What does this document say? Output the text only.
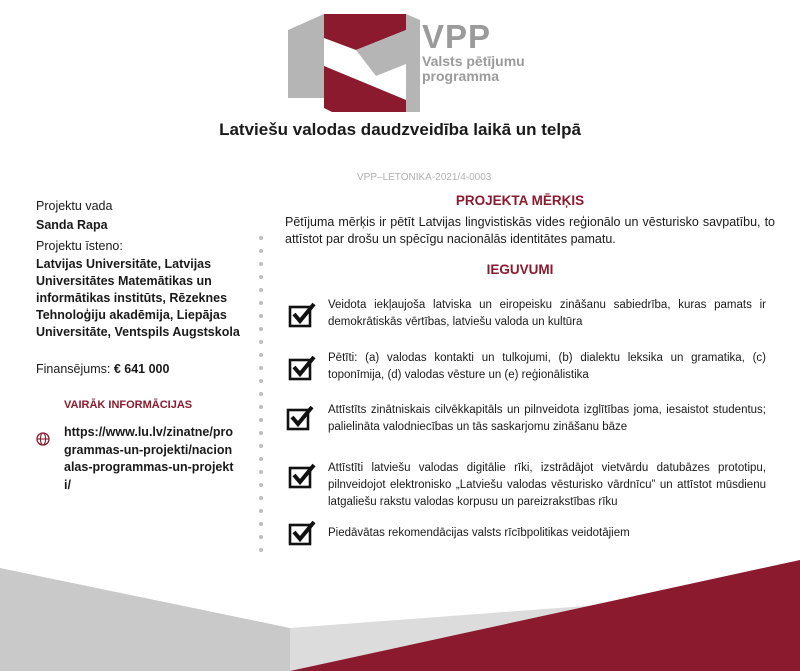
VPP
Valsts pētījumu
programma
Latviešu valodas daudzveidība laikā un telpā
VPP–LETONIKA-2021/4-0003
Projektu vada
Sanda Rapa
Projektu īsteno:
Latvijas Universitāte, Latvijas Universitātes Matemātikas un informātikas institūts, Rēzeknes Tehnoloģiju akadēmija, Liepājas Universitāte, Ventspils Augstskola
Finansējums: € 641 000
VAIRĀK INFORMĀCIJAS
https://www.lu.lv/zinatne/programmas-un-projekti/nacionalas-programmas-un-projekti/
PROJEKTA MĒRĶIS
Pētījuma mērķis ir pētīt Latvijas lingvistiskās vides reģionālo un vēsturisko savpatību, to attīstot par drošu un spēcīgu nacionālās identitātes pamatu.
IEGUVUMI
Veidota iekļaujoša latviska un eiropeisku zināšanu sabiedrība, kuras pamats ir demokrātiskās vērtības, latviešu valoda un kultūra
Pētīti: (a) valodas kontakti un tulkojumi, (b) dialektu leksika un gramatika, (c) toponīmija, (d) valodas vēsture un (e) reģionālistika
Attīstīts zinātniskais cilvēkkapitāls un pilnveidota izglītības joma, iesaistot studentus; palielināta valodniecības un tās saskarjomu zināšanu bāze
Attīstīti latviešu valodas digitālie rīki, izstrādājot vietvārdu datubāzes prototipu, pilnveidojot elektronisko „Latviešu valodas vēsturisko vārdnīcu” un attīstot mūsdienu latgaliešu rakstu valodas korpusu un pareizrakstības rīku
Piedāvātas rekomendācijas valsts rīcībpolitikas veidotājiem
